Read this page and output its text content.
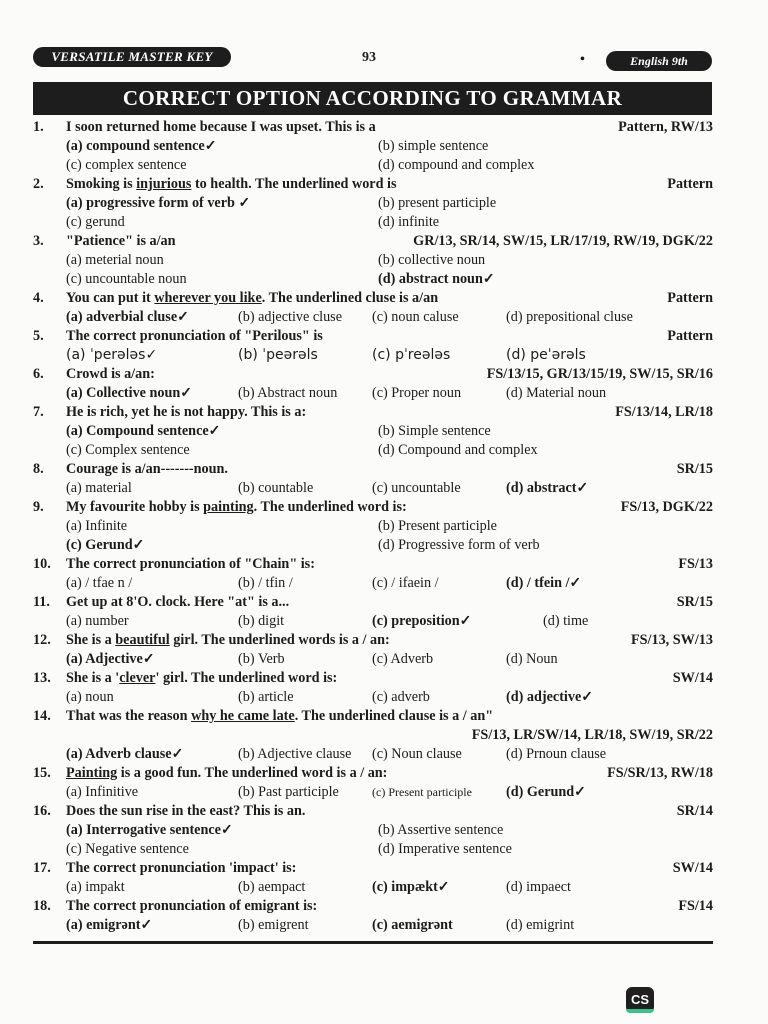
VERSATILE MASTER KEY	93	•	English 9th
CORRECT OPTION ACCORDING TO GRAMMAR
1.	I soon returned home because I was upset. This is a	Pattern, RW/13
(a) compound sentence✓	(b) simple sentence
(c) complex sentence	(d) compound and complex
2.	Smoking is injurious to health. The underlined word is	Pattern
(a) progressive form of verb ✓	(b) present participle
(c) gerund	(d) infinite
3.	"Patience" is a/an	GR/13, SR/14, SW/15, LR/17/19, RW/19, DGK/22
(a) meterial noun	(b) collective noun
(c) uncountable noun	(d) abstract noun✓
4.	You can put it wherever you like. The underlined cluse is a/an	Pattern
(a) adverbial cluse✓	(b) adjective cluse (c) noun caluse	(d) prepositional cluse
5.	The correct pronunciation of "Perilous" is	Pattern
(a) ˈperələs✓	(b) ˈpeərəls	(c) pˈreələs	(d) peˈərəls
6.	Crowd is a/an:	FS/13/15, GR/13/15/19, SW/15, SR/16
(a) Collective noun✓	(b) Abstract noun (c) Proper noun	(d) Material noun
7.	He is rich, yet he is not happy. This is a:	FS/13/14, LR/18
(a) Compound sentence✓	(b) Simple sentence
(c) Complex sentence	(d) Compound and complex
8.	Courage is a/an-------noun.	SR/15
(a) material	(b) countable	(c) uncountable	(d) abstract✓
9.	My favourite hobby is painting. The underlined word is:	FS/13, DGK/22
(a) Infinite	(b) Present participle
(c) Gerund✓	(d) Progressive form of verb
10.	The correct pronunciation of "Chain" is:	FS/13
(a) / tfae n /	(b) / tfin /	(c) / ifaein /	(d) / tfein /✓
11.	Get up at 8'O. clock. Here "at" is a...	SR/15
(a) number	(b) digit	(c) preposition✓	(d) time
12.	She is a beautiful girl. The underlined words is a / an:	FS/13, SW/13
(a) Adjective✓	(b) Verb	(c) Adverb	(d) Noun
13.	She is a 'clever' girl. The underlined word is:	SW/14
(a) noun	(b) article	(c) adverb	(d) adjective✓
14.	That was the reason why he came late. The underlined clause is a / an"
FS/13, LR/SW/14, LR/18, SW/19, SR/22
(a) Adverb clause✓	(b) Adjective clause (c) Noun clause	(d) Prnoun clause
15.	Painting is a good fun. The underlined word is a / an:	FS/SR/13, RW/18
(a) Infinitive	(b) Past participle	(c) Present participle (d) Gerund✓
16.	Does the sun rise in the east? This is an.	SR/14
(a) Interrogative sentence✓	(b) Assertive sentence
(c) Negative sentence	(d) Imperative sentence
17.	The correct pronunciation 'impact' is:	SW/14
(a) impakt	(b) aempact	(c) impækt✓	(d) impaect
18.	The correct pronunciation of emigrant is:	FS/14
(a) emigrənt✓	(b) emigrent	(c) aemigrənt	(d) emigrint
CS
